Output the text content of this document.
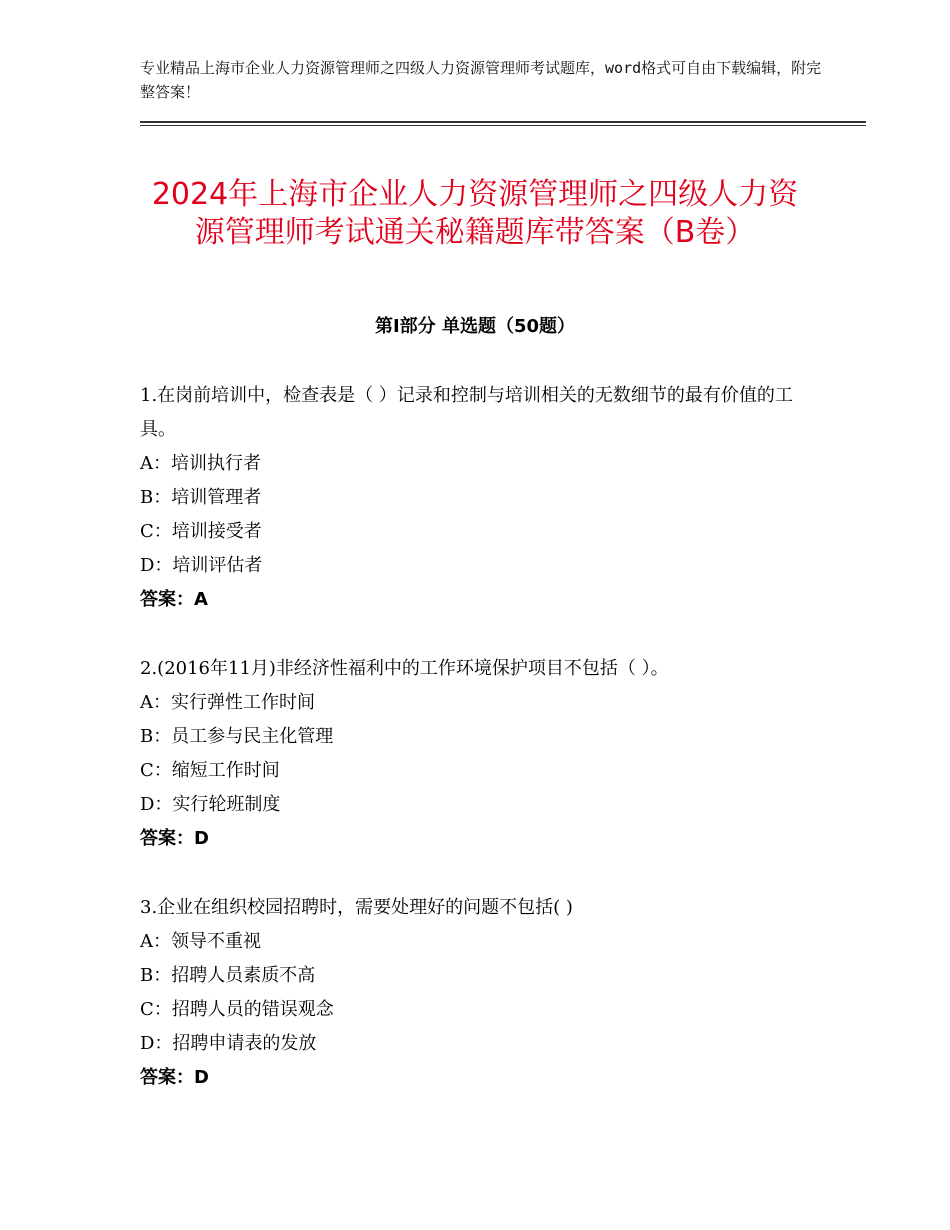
专业精品上海市企业人力资源管理师之四级人力资源管理师考试题库，word格式可自由下载编辑，附完整答案！
2024年上海市企业人力资源管理师之四级人力资源管理师考试通关秘籍题库带答案（B卷）
第Ⅰ部分 单选题（50题）

1.在岗前培训中，检查表是（ ）记录和控制与培训相关的无数细节的最有价值的工具。

A：培训执行者

B：培训管理者

C：培训接受者

D：培训评估者

答案：A

2.(2016年11月)非经济性福利中的工作环境保护项目不包括（ ）。

A：实行弹性工作时间

B：员工参与民主化管理

C：缩短工作时间

D：实行轮班制度

答案：D

3.企业在组织校园招聘时，需要处理好的问题不包括( )

A：领导不重视

B：招聘人员素质不高

C：招聘人员的错误观念

D：招聘申请表的发放

答案：D
